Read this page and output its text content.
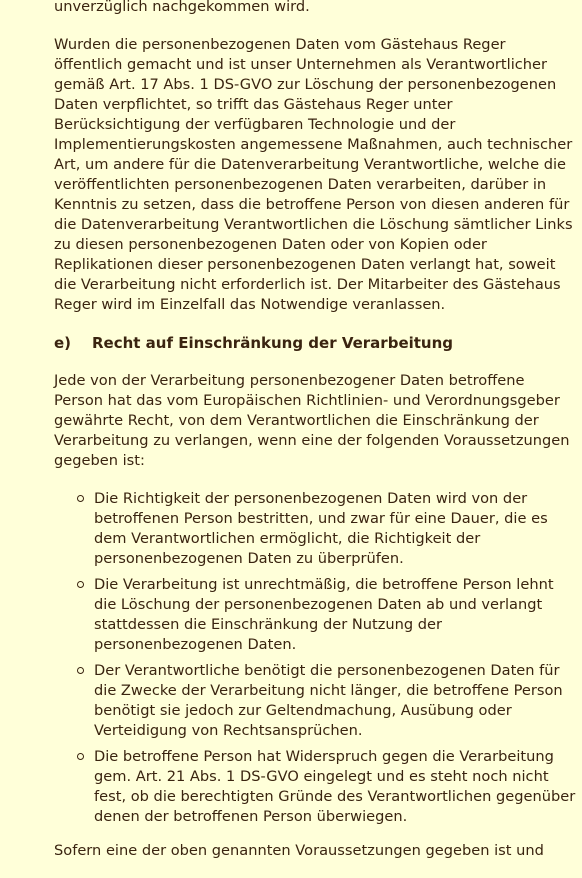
unverzüglich nachgekommen wird.

Wurden die personenbezogenen Daten vom Gästehaus Reger öffentlich gemacht und ist unser Unternehmen als Verantwortlicher gemäß Art. 17 Abs. 1 DS-GVO zur Löschung der personenbezogenen Daten verpflichtet, so trifft das Gästehaus Reger unter Berücksichtigung der verfügbaren Technologie und der Implementierungskosten angemessene Maßnahmen, auch technischer Art, um andere für die Datenverarbeitung Verantwortliche, welche die veröffentlichten personenbezogenen Daten verarbeiten, darüber in Kenntnis zu setzen, dass die betroffene Person von diesen anderen für die Datenverarbeitung Verantwortlichen die Löschung sämtlicher Links zu diesen personenbezogenen Daten oder von Kopien oder Replikationen dieser personenbezogenen Daten verlangt hat, soweit die Verarbeitung nicht erforderlich ist. Der Mitarbeiter des Gästehaus Reger wird im Einzelfall das Notwendige veranlassen.

e)	Recht auf Einschränkung der Verarbeitung

Jede von der Verarbeitung personenbezogener Daten betroffene Person hat das vom Europäischen Richtlinien- und Verordnungsgeber gewährte Recht, von dem Verantwortlichen die Einschränkung der Verarbeitung zu verlangen, wenn eine der folgenden Voraussetzungen gegeben ist:

Die Richtigkeit der personenbezogenen Daten wird von der betroffenen Person bestritten, und zwar für eine Dauer, die es dem Verantwortlichen ermöglicht, die Richtigkeit der personenbezogenen Daten zu überprüfen.
Die Verarbeitung ist unrechtmäßig, die betroffene Person lehnt die Löschung der personenbezogenen Daten ab und verlangt stattdessen die Einschränkung der Nutzung der personenbezogenen Daten.
Der Verantwortliche benötigt die personenbezogenen Daten für die Zwecke der Verarbeitung nicht länger, die betroffene Person benötigt sie jedoch zur Geltendmachung, Ausübung oder Verteidigung von Rechtsansprüchen.
Die betroffene Person hat Widerspruch gegen die Verarbeitung gem. Art. 21 Abs. 1 DS-GVO eingelegt und es steht noch nicht fest, ob die berechtigten Gründe des Verantwortlichen gegenüber denen der betroffenen Person überwiegen.

Sofern eine der oben genannten Voraussetzungen gegeben ist und
